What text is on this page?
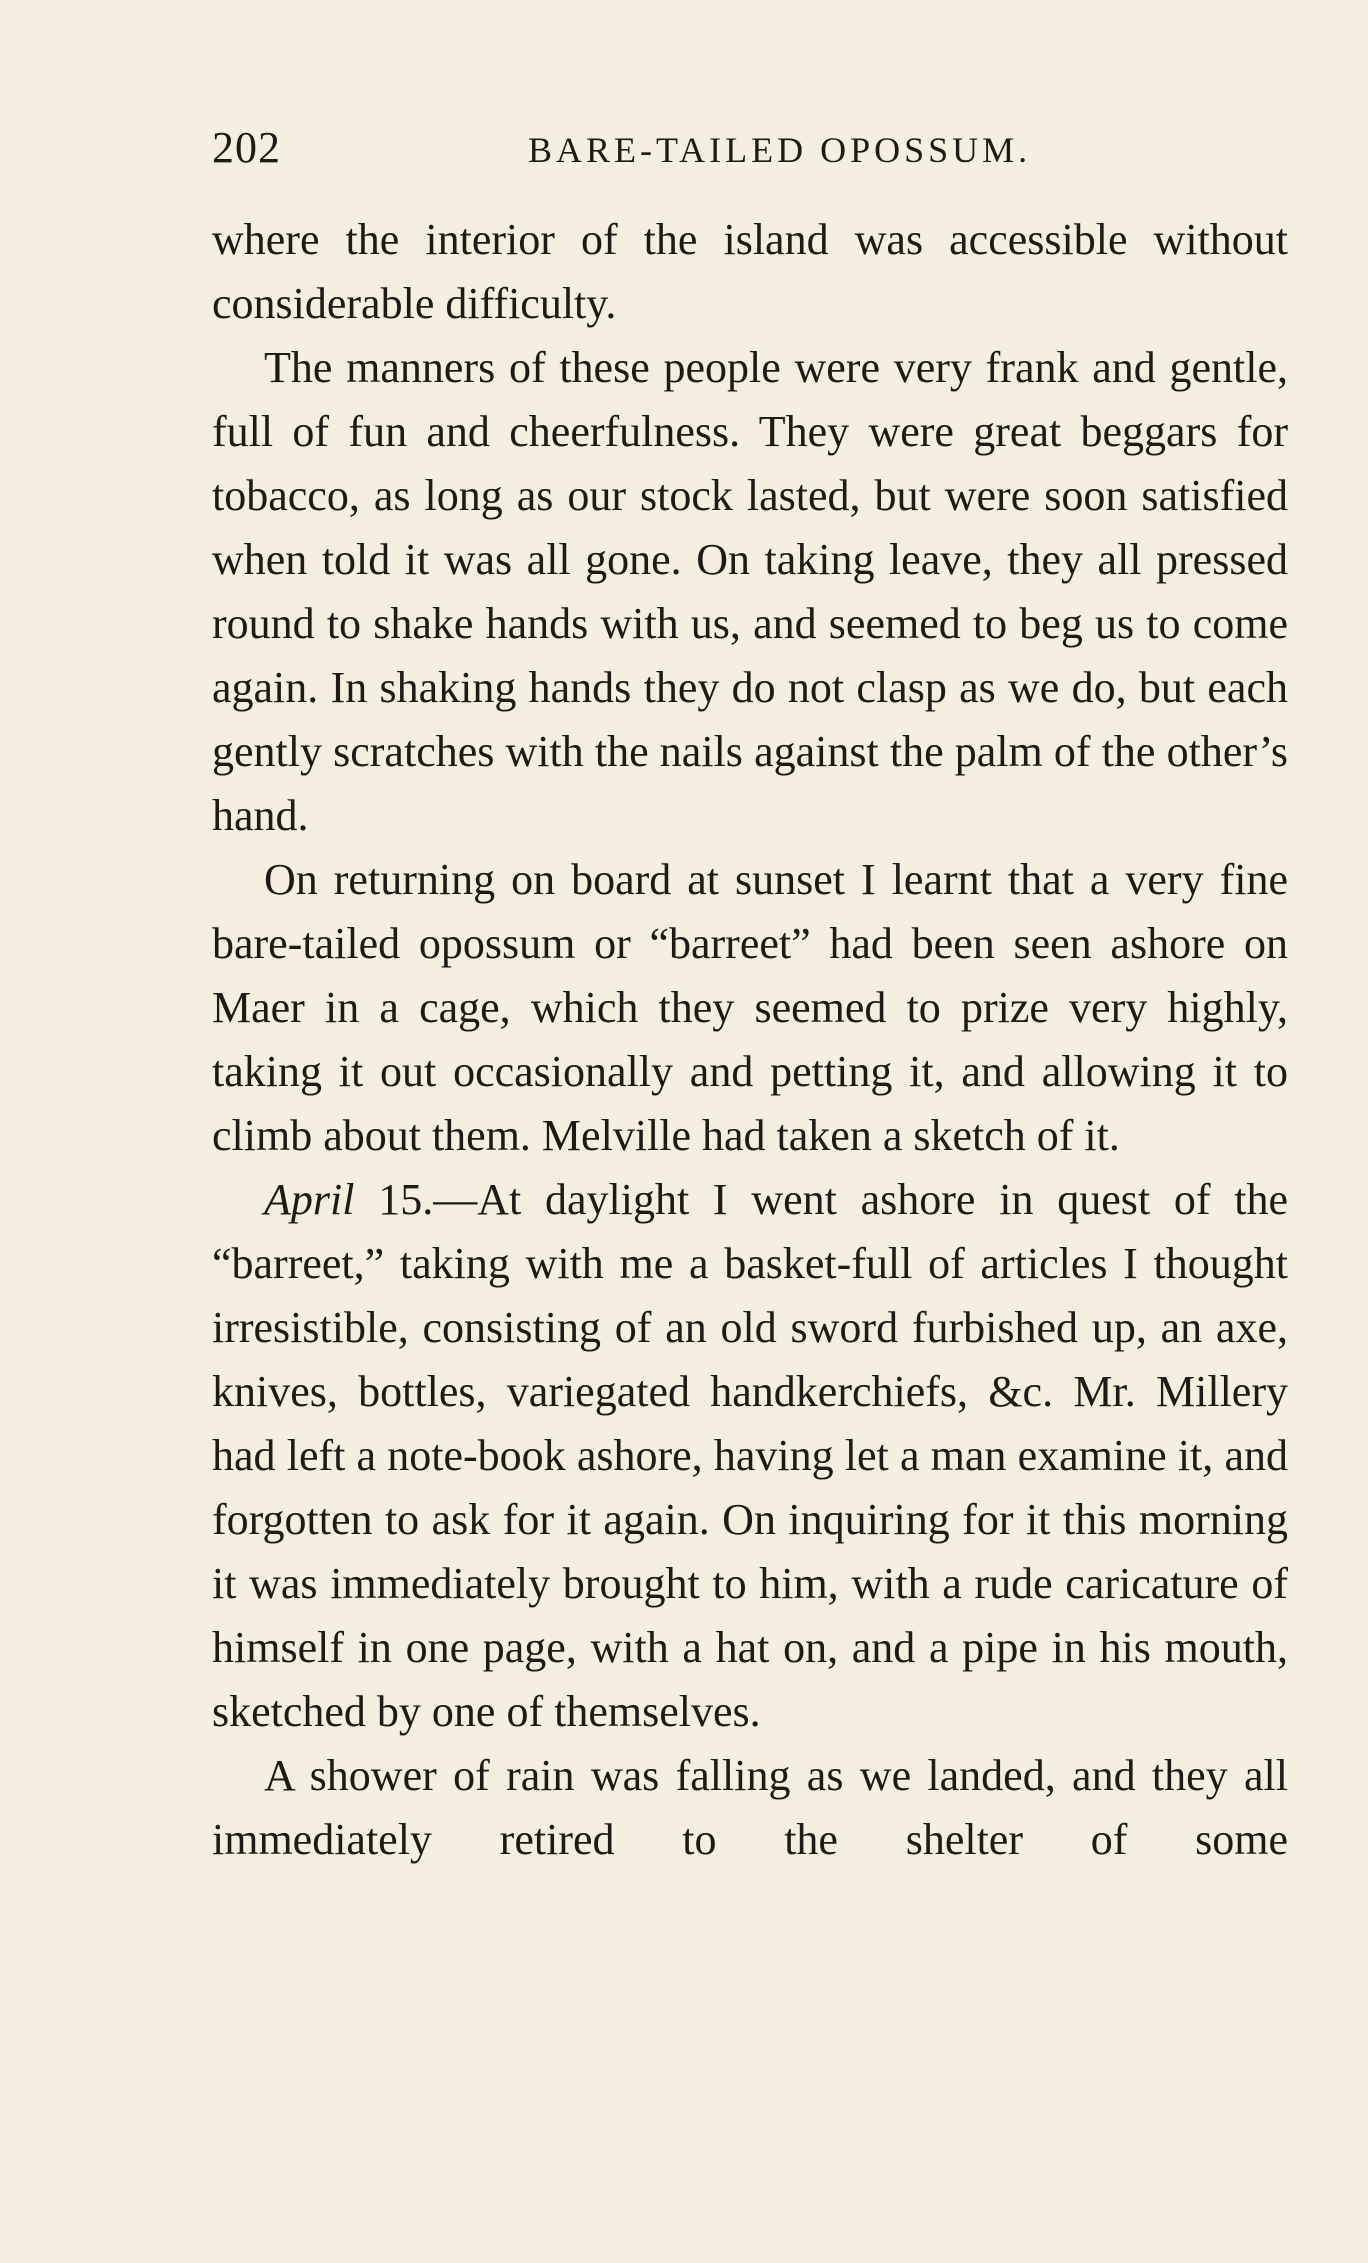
202	BARE-TAILED OPOSSUM.

where the interior of the island was accessible without considerable difficulty.

The manners of these people were very frank and gentle, full of fun and cheerfulness. They were great beggars for tobacco, as long as our stock lasted, but were soon satisfied when told it was all gone. On taking leave, they all pressed round to shake hands with us, and seemed to beg us to come again. In shaking hands they do not clasp as we do, but each gently scratches with the nails against the palm of the other’s hand.

On returning on board at sunset I learnt that a very fine bare-tailed opossum or “barreet” had been seen ashore on Maer in a cage, which they seemed to prize very highly, taking it out occasionally and petting it, and allowing it to climb about them. Melville had taken a sketch of it.

April 15.—At daylight I went ashore in quest of the “barreet,” taking with me a basket-full of articles I thought irresistible, consisting of an old sword furbished up, an axe, knives, bottles, variegated handkerchiefs, &c. Mr. Millery had left a note-book ashore, having let a man examine it, and forgotten to ask for it again. On inquiring for it this morning it was immediately brought to him, with a rude caricature of himself in one page, with a hat on, and a pipe in his mouth, sketched by one of themselves.

A shower of rain was falling as we landed, and they all immediately retired to the shelter of some
